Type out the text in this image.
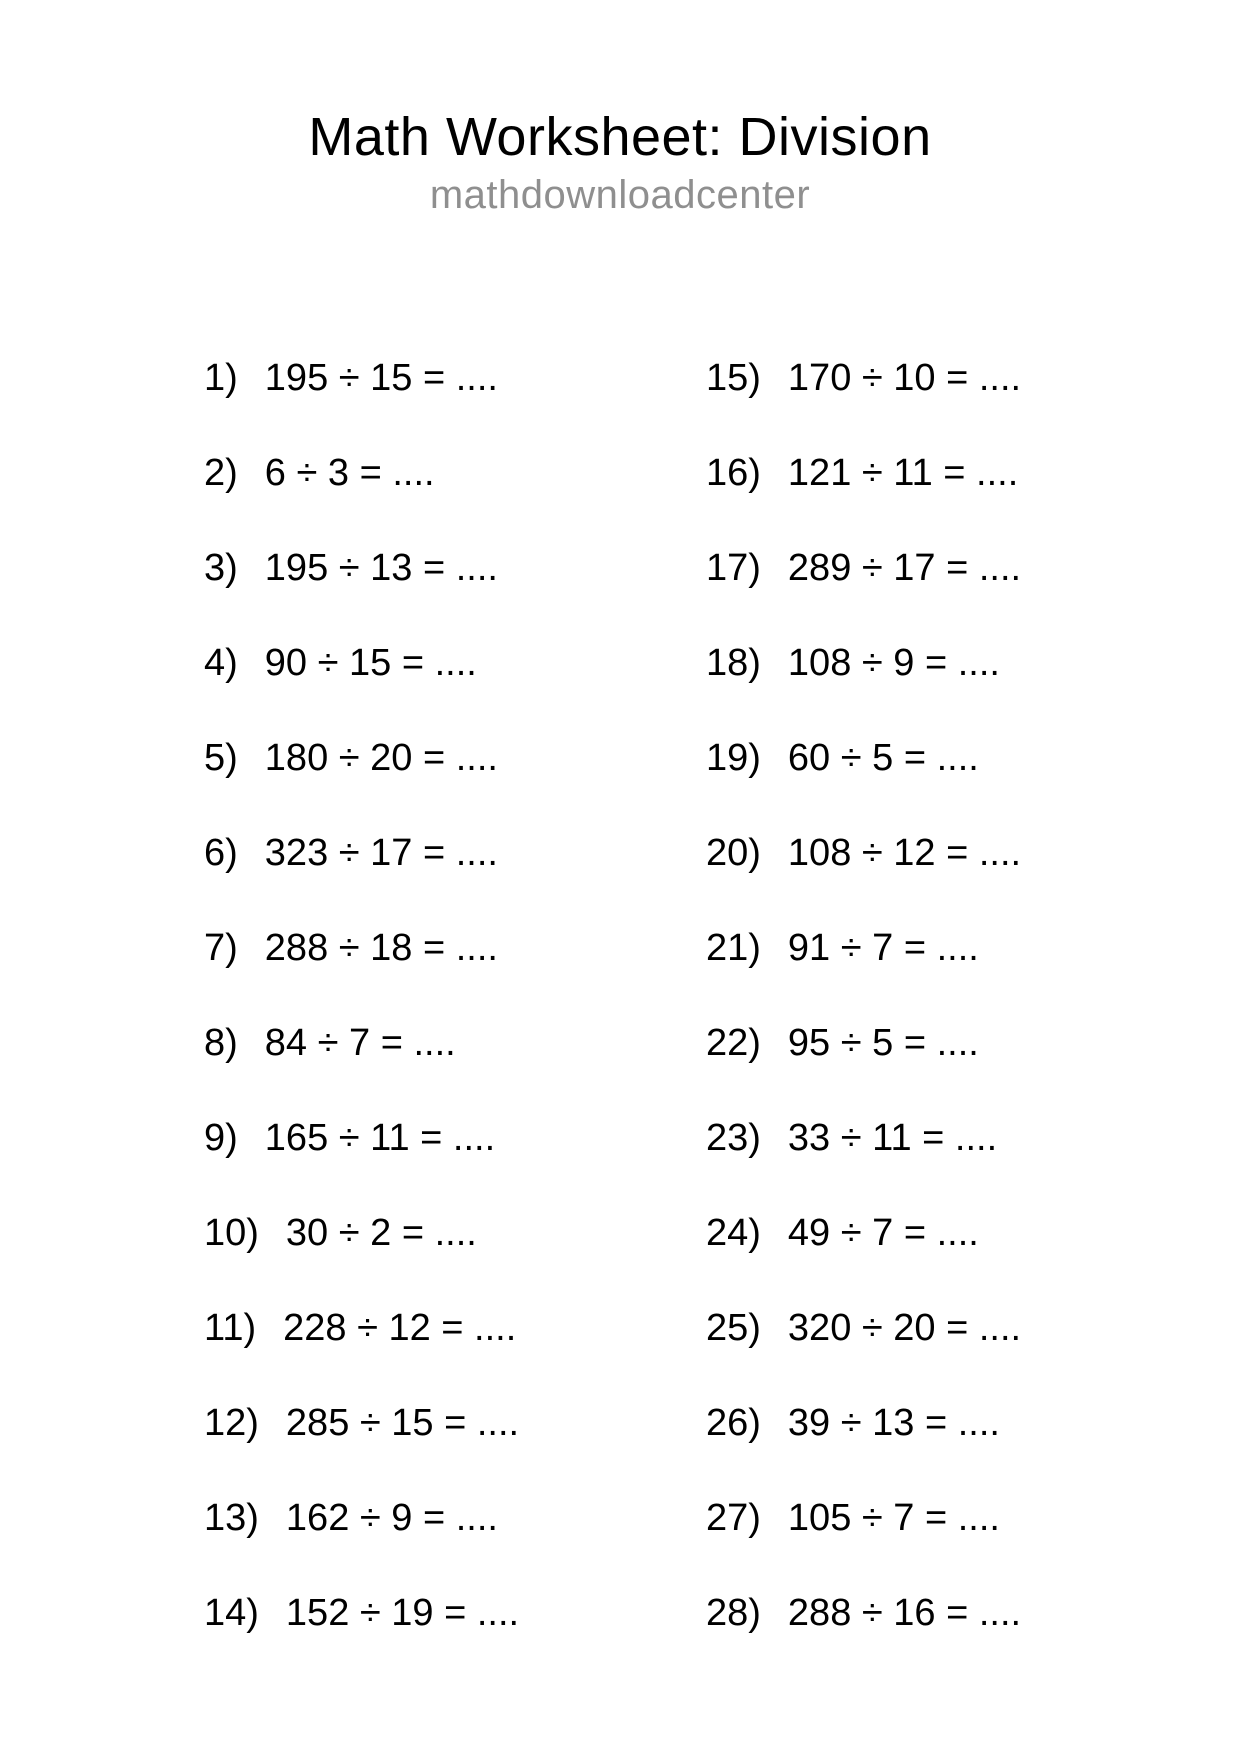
Math Worksheet: Division
mathdownloadcenter
1) 195 ÷ 15 = ....
2) 6 ÷ 3 = ....
3) 195 ÷ 13 = ....
4) 90 ÷ 15 = ....
5) 180 ÷ 20 = ....
6) 323 ÷ 17 = ....
7) 288 ÷ 18 = ....
8) 84 ÷ 7 = ....
9) 165 ÷ 11 = ....
10) 30 ÷ 2 = ....
11) 228 ÷ 12 = ....
12) 285 ÷ 15 = ....
13) 162 ÷ 9 = ....
14) 152 ÷ 19 = ....
15) 170 ÷ 10 = ....
16) 121 ÷ 11 = ....
17) 289 ÷ 17 = ....
18) 108 ÷ 9 = ....
19) 60 ÷ 5 = ....
20) 108 ÷ 12 = ....
21) 91 ÷ 7 = ....
22) 95 ÷ 5 = ....
23) 33 ÷ 11 = ....
24) 49 ÷ 7 = ....
25) 320 ÷ 20 = ....
26) 39 ÷ 13 = ....
27) 105 ÷ 7 = ....
28) 288 ÷ 16 = ....
